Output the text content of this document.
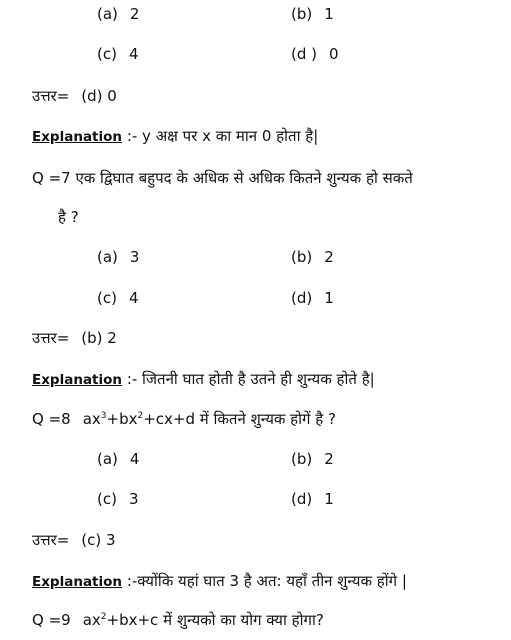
(a) 2	(b) 1
(c) 4	(d ) 0
उत्तर= (d) 0
Explanation :- y अक्ष पर x का मान 0 होता है|
Q =7 एक द्विघात बहुपद के अधिक से अधिक कितने शुन्यक हो सकते
है ?
(a) 3	(b) 2
(c) 4	(d) 1
उत्तर= (b) 2
Explanation :- जितनी घात होती है उतने ही शुन्यक होते है|
Q =8 $ax^3+bx^2+cx+d$ में कितने शुन्यक होगें है ?
(a) 4	(b) 2
(c) 3	(d) 1
उत्तर= (c) 3
Explanation :-क्योंकि यहां घात 3 है अत: यहाँ तीन शुन्यक होंगे |
Q =9 $ax^2+bx+c$ में शुन्यको का योग क्या होगा?
